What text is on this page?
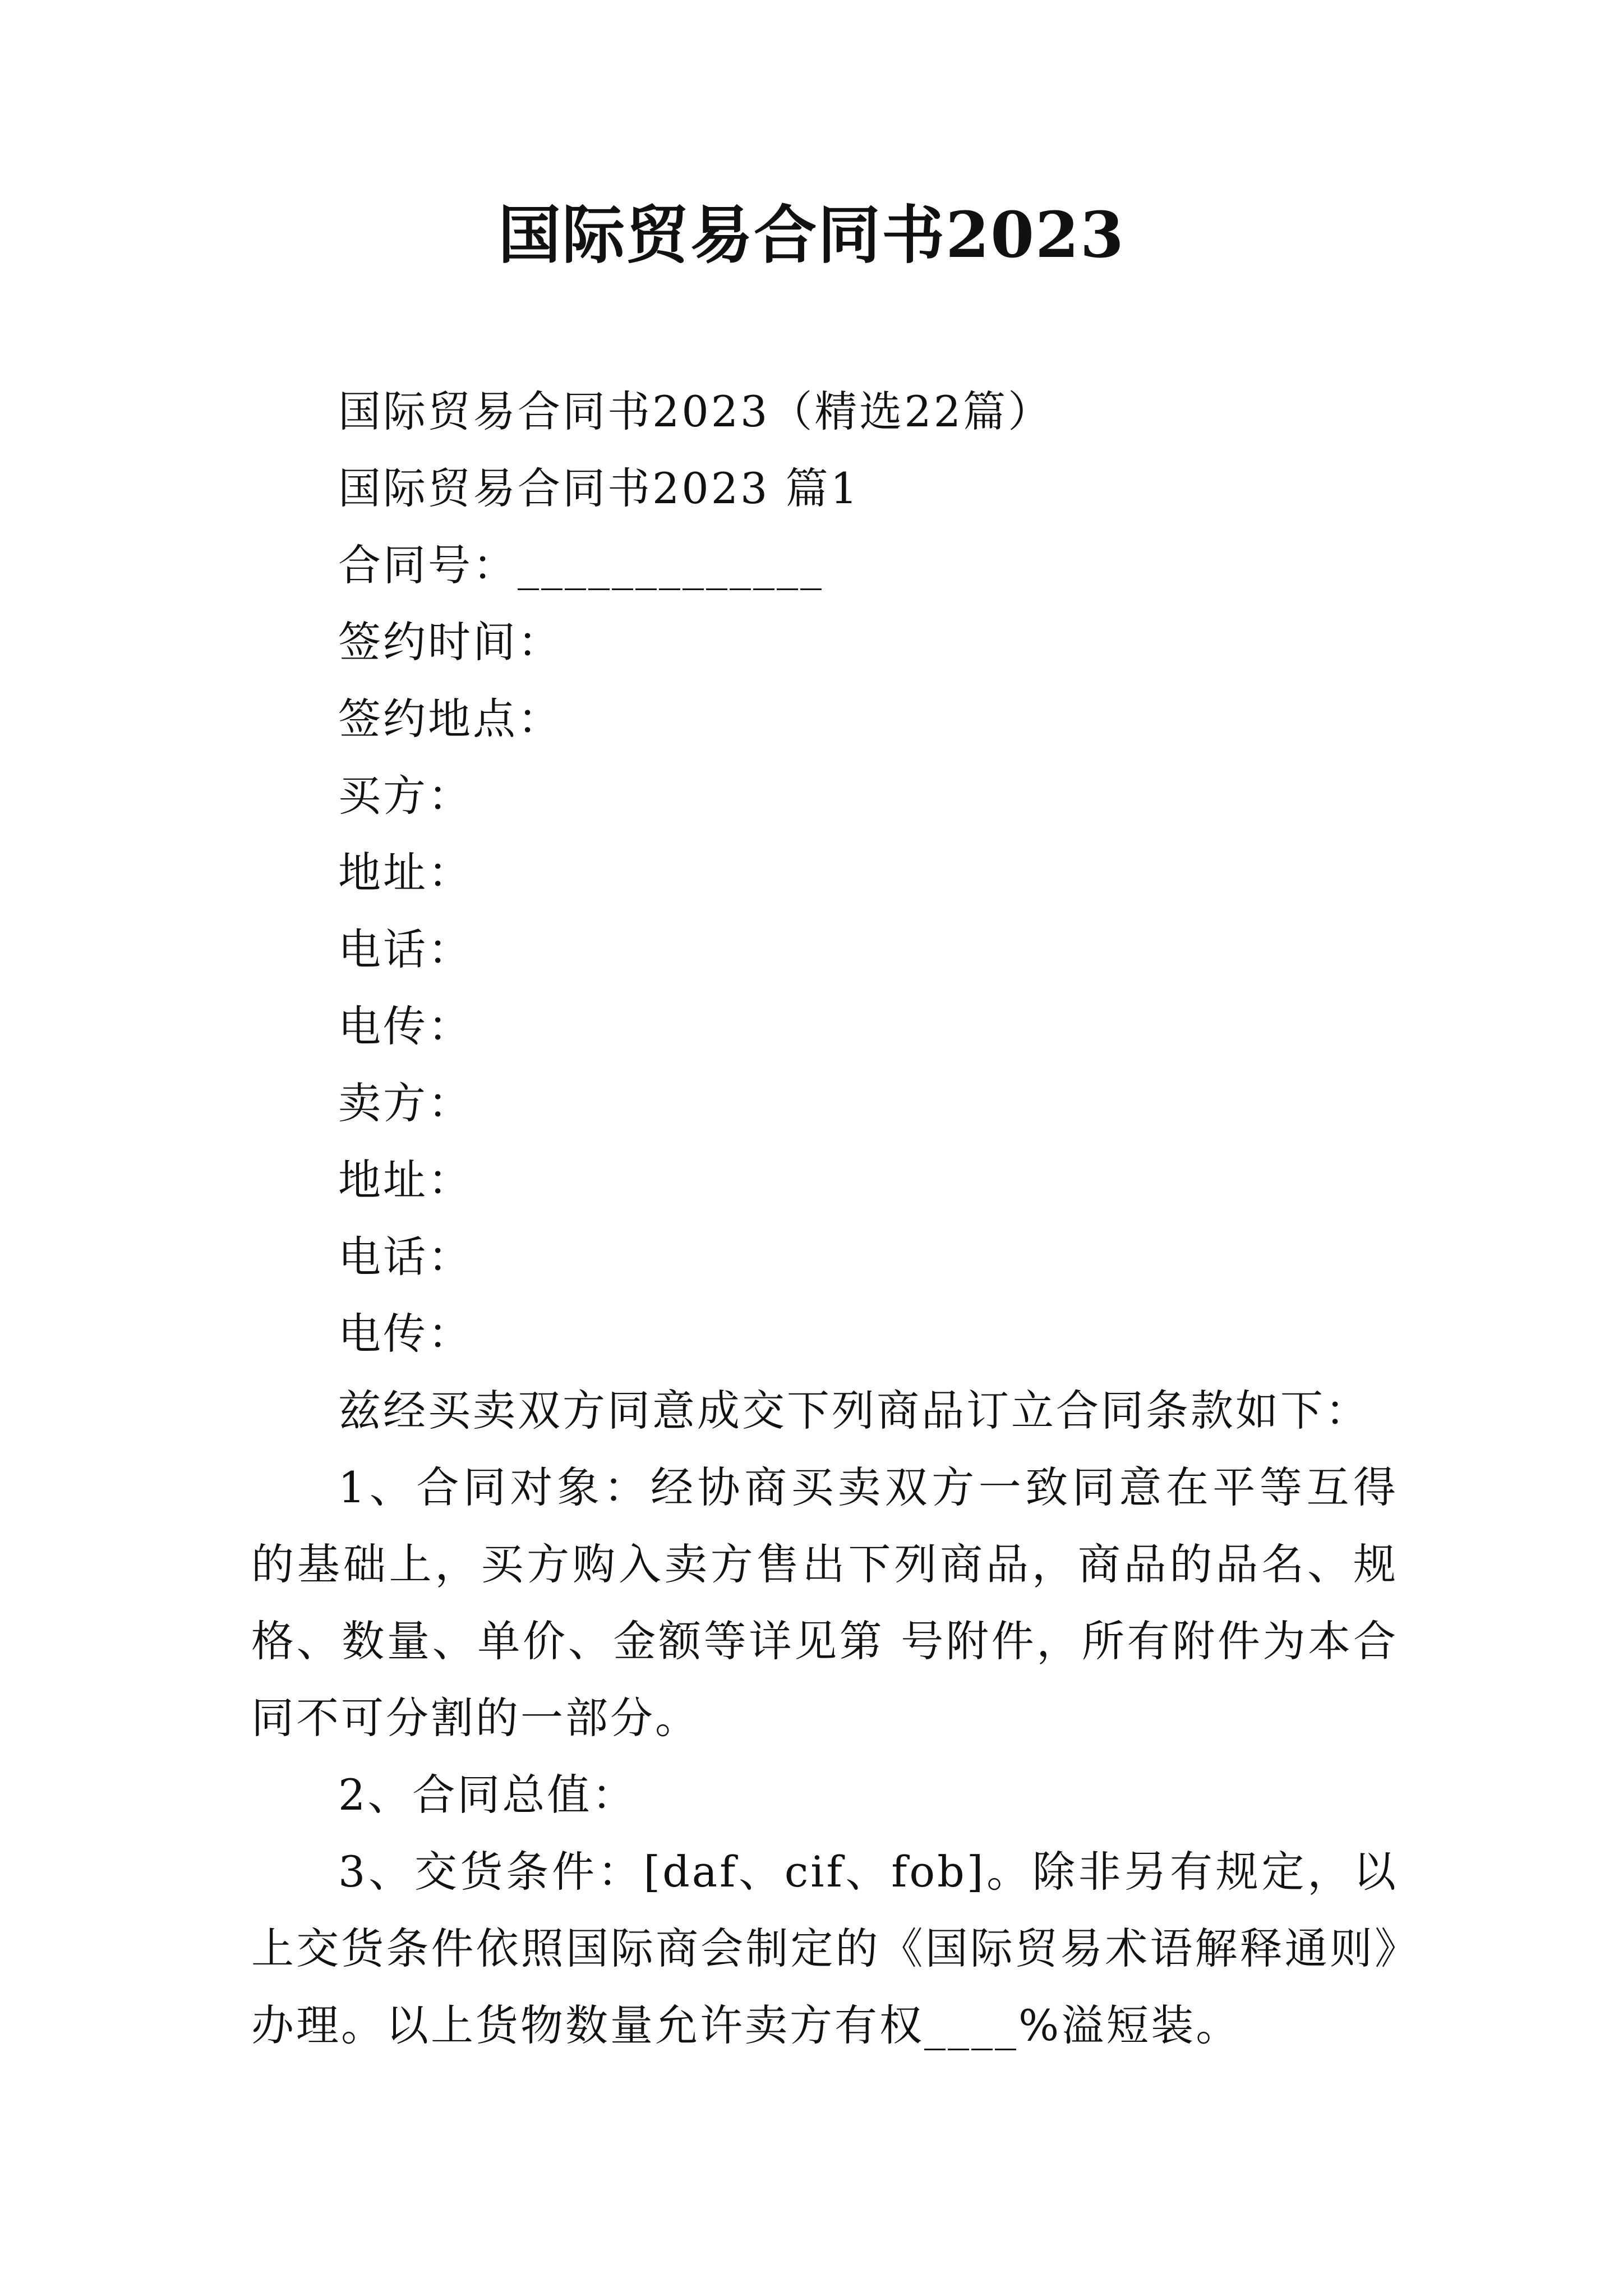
国际贸易合同书2023

国际贸易合同书2023（精选22篇）

国际贸易合同书2023 篇1

合同号：_____________

签约时间：

签约地点：

买方：

地址：

电话：

电传：

卖方：

地址：

电话：

电传：

兹经买卖双方同意成交下列商品订立合同条款如下：

1、合同对象：经协商买卖双方一致同意在平等互得的基础上，买方购入卖方售出下列商品，商品的品名、规格、数量、单价、金额等详见第 号附件，所有附件为本合同不可分割的一部分。

2、合同总值：

3、交货条件：[daf、cif、fob]。除非另有规定，以上交货条件依照国际商会制定的《国际贸易术语解释通则》办理。以上货物数量允许卖方有权____%溢短装。
